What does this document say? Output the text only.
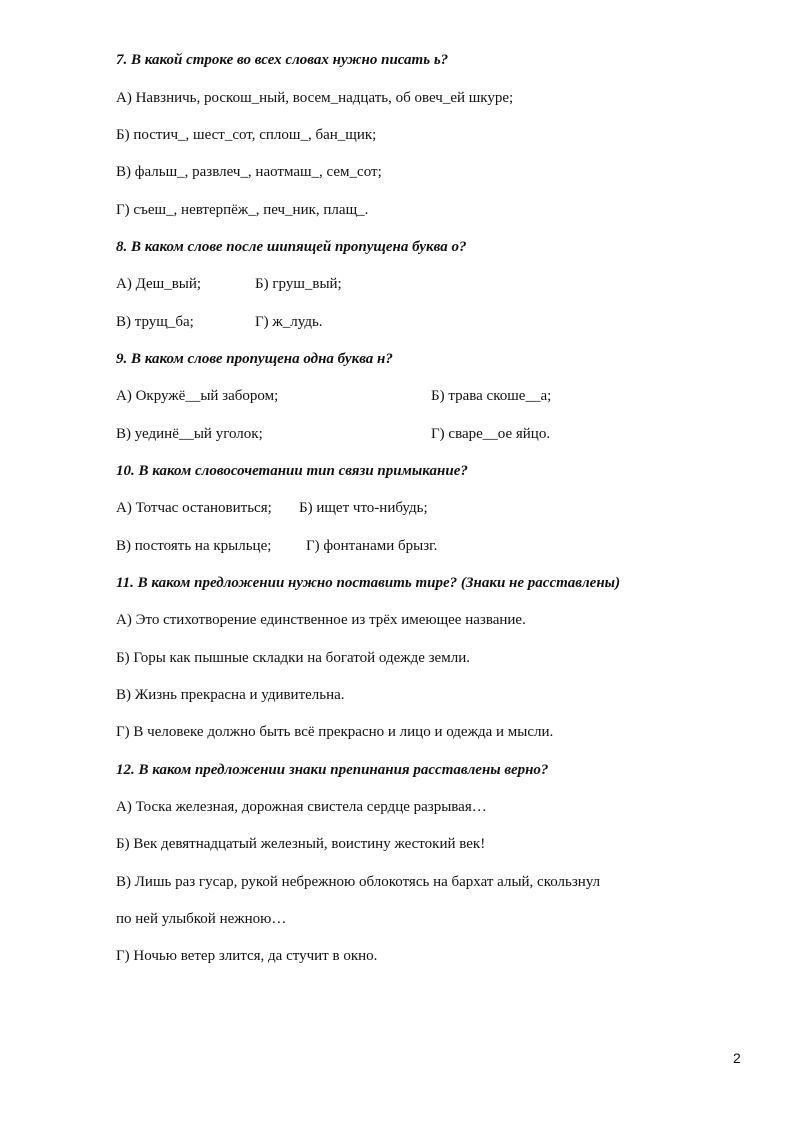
7. В какой строке во всех словах нужно писать ь?
А) Навзничь, роскош_ный, восем_надцать, об овеч_ей шкуре;
Б) постич_, шест_сот, сплош_, бан_щик;
В) фальш_, развлеч_, наотмаш_, сем_сот;
Г) съеш_, невтерпёж_, печ_ник, плащ_.
8. В каком слове после шипящей пропущена буква о?
А) Деш_вый;	Б) груш_вый;
В) трущ_ба;	Г) ж_лудь.
9. В каком слове пропущена одна буква н?
А) Окружё__ый забором;	Б) трава скоше__а;
В) уединё__ый уголок;	Г) сваре__ое яйцо.
10. В каком словосочетании тип связи примыкание?
А) Тотчас остановиться; Б) ищет что-нибудь;
В) постоять на крыльце; Г) фонтанами брызг.
11. В каком предложении нужно поставить тире? (Знаки не расставлены)
А) Это стихотворение единственное из трёх имеющее название.
Б) Горы как пышные складки на богатой одежде земли.
В) Жизнь прекрасна и удивительна.
Г) В человеке должно быть всё прекрасно и лицо и одежда и мысли.
12. В каком предложении знаки препинания расставлены верно?
А) Тоска железная, дорожная свистела сердце разрывая…
Б) Век девятнадцатый железный, воистину жестокий век!
В) Лишь раз гусар, рукой небрежною облокотясь на бархат алый, скользнул
по ней улыбкой нежною…
Г) Ночью ветер злится, да стучит в окно.
2
